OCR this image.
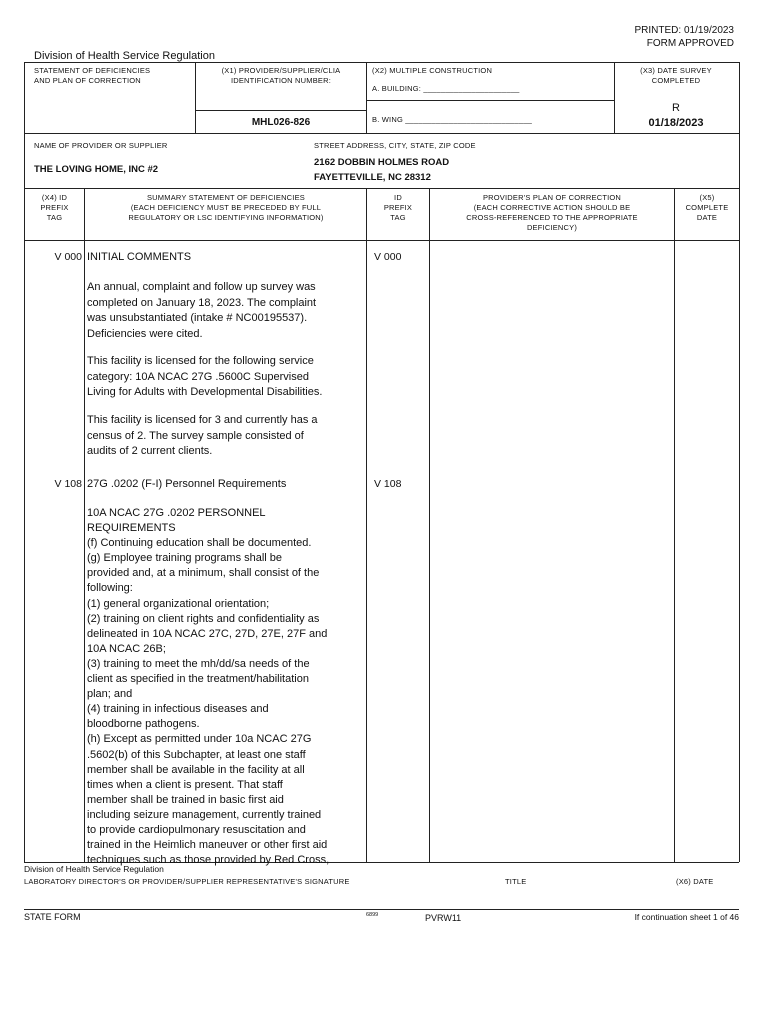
PRINTED: 01/19/2023
FORM APPROVED
Division of Health Service Regulation
STATEMENT OF DEFICIENCIES
AND PLAN OF CORRECTION
(X1) PROVIDER/SUPPLIER/CLIA
IDENTIFICATION NUMBER:
MHL026-826
(X2) MULTIPLE CONSTRUCTION
A. BUILDING: ______________________
B. WING _____________________________
(X3) DATE SURVEY
COMPLETED
R
01/18/2023
NAME OF PROVIDER OR SUPPLIER
THE LOVING HOME, INC #2
STREET ADDRESS, CITY, STATE, ZIP CODE
2162 DOBBIN HOLMES ROAD
FAYETTEVILLE, NC 28312
(X4) ID
PREFIX
TAG
SUMMARY STATEMENT OF DEFICIENCIES
(EACH DEFICIENCY MUST BE PRECEDED BY FULL
REGULATORY OR LSC IDENTIFYING INFORMATION)
ID
PREFIX
TAG
PROVIDER'S PLAN OF CORRECTION
(EACH CORRECTIVE ACTION SHOULD BE
CROSS-REFERENCED TO THE APPROPRIATE
DEFICIENCY)
(X5)
COMPLETE
DATE
V 000	V 000
INITIAL COMMENTS
An annual, complaint and follow up survey was
completed on January 18, 2023. The complaint
was unsubstantiated (intake # NC00195537).
Deficiencies were cited.
This facility is licensed for the following service
category: 10A NCAC 27G .5600C Supervised
Living for Adults with Developmental Disabilities.
This facility is licensed for 3 and currently has a
census of 2. The survey sample consisted of
audits of 2 current clients.
V 108	V 108
27G .0202 (F-I) Personnel Requirements
10A NCAC 27G .0202 PERSONNEL
REQUIREMENTS
(f) Continuing education shall be documented.
(g) Employee training programs shall be
provided and, at a minimum, shall consist of the
following:
(1) general organizational orientation;
(2) training on client rights and confidentiality as
delineated in 10A NCAC 27C, 27D, 27E, 27F and
10A NCAC 26B;
(3) training to meet the mh/dd/sa needs of the
client as specified in the treatment/habilitation
plan; and
(4) training in infectious diseases and
bloodborne pathogens.
(h) Except as permitted under 10a NCAC 27G
.5602(b) of this Subchapter, at least one staff
member shall be available in the facility at all
times when a client is present. That staff
member shall be trained in basic first aid
including seizure management, currently trained
to provide cardiopulmonary resuscitation and
trained in the Heimlich maneuver or other first aid
techniques such as those provided by Red Cross,
Division of Health Service Regulation
LABORATORY DIRECTOR'S OR PROVIDER/SUPPLIER REPRESENTATIVE'S SIGNATURE	TITLE	(X6) DATE
STATE FORM	6899	PVRW11	If continuation sheet 1 of 46
